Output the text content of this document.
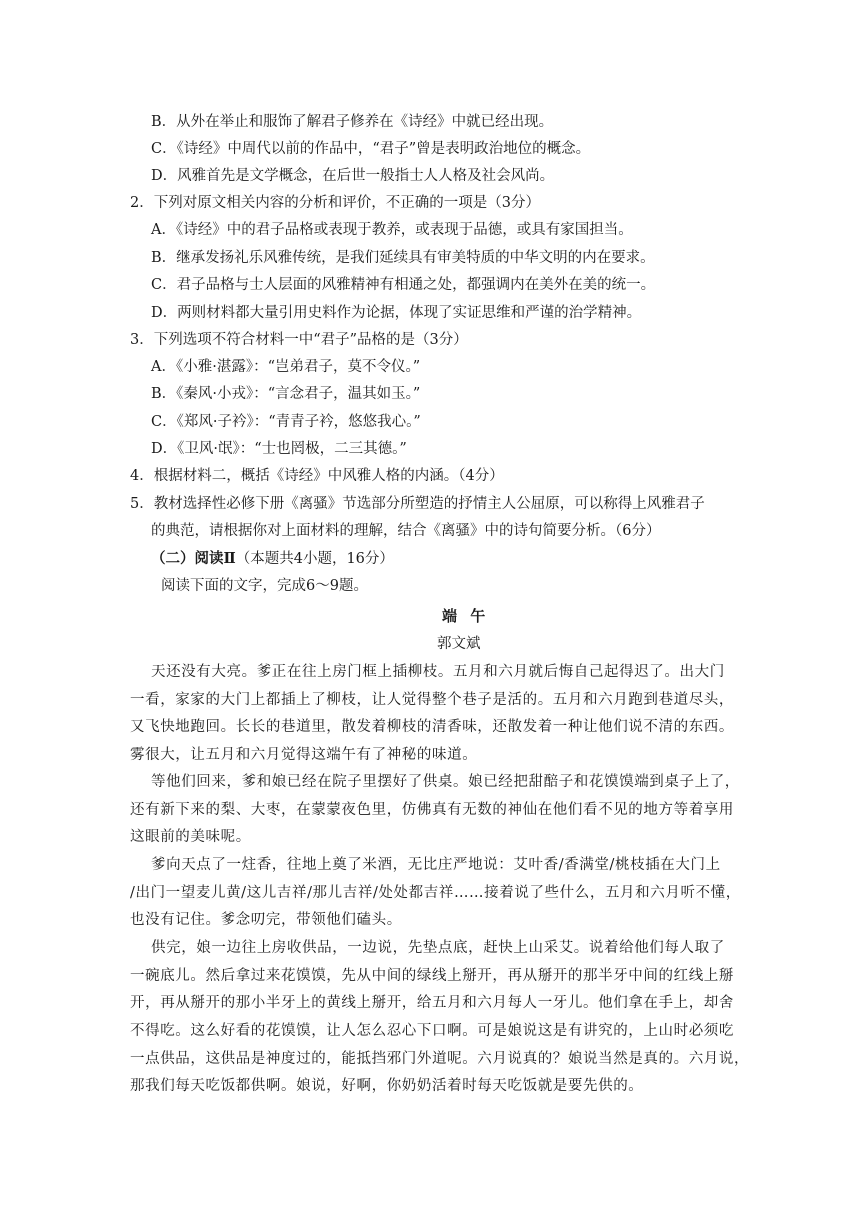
B．从外在举止和服饰了解君子修养在《诗经》中就已经出现。
C．《诗经》中周代以前的作品中，“君子”曾是表明政治地位的概念。
D．风雅首先是文学概念，在后世一般指士人人格及社会风尚。
2．下列对原文相关内容的分析和评价，不正确的一项是（3分）
A．《诗经》中的君子品格或表现于教养，或表现于品德，或具有家国担当。
B．继承发扬礼乐风雅传统，是我们延续具有审美特质的中华文明的内在要求。
C．君子品格与士人层面的风雅精神有相通之处，都强调内在美外在美的统一。
D．两则材料都大量引用史料作为论据，体现了实证思维和严谨的治学精神。
3．下列选项不符合材料一中“君子”品格的是（3分）
A．《小雅·湛露》：“岂弟君子，莫不令仪。”
B．《秦风·小戎》：“言念君子，温其如玉。”
C．《郑风·子衿》：“青青子衿，悠悠我心。”
D．《卫风·氓》：“士也罔极，二三其德。”
4．根据材料二，概括《诗经》中风雅人格的内涵。（4分）
5．教材选择性必修下册《离骚》节选部分所塑造的抒情主人公屈原，可以称得上风雅君子
的典范，请根据你对上面材料的理解，结合《离骚》中的诗句简要分析。（6分）
（二）阅读Ⅱ（本题共4小题，16分）
阅读下面的文字，完成6～9题。
端 午
郭文斌
天还没有大亮。爹正在往上房门框上插柳枝。五月和六月就后悔自己起得迟了。出大门
一看，家家的大门上都插上了柳枝，让人觉得整个巷子是活的。五月和六月跑到巷道尽头，
又飞快地跑回。长长的巷道里，散发着柳枝的清香味，还散发着一种让他们说不清的东西。
雾很大，让五月和六月觉得这端午有了神秘的味道。
等他们回来，爹和娘已经在院子里摆好了供桌。娘已经把甜醅子和花馍馍端到桌子上了，
还有新下来的梨、大枣，在蒙蒙夜色里，仿佛真有无数的神仙在他们看不见的地方等着享用
这眼前的美味呢。
爹向天点了一炷香，往地上奠了米酒，无比庄严地说：艾叶香/香满堂/桃枝插在大门上
/出门一望麦儿黄/这儿吉祥/那儿吉祥/处处都吉祥……接着说了些什么，五月和六月听不懂，
也没有记住。爹念叨完，带领他们磕头。
供完，娘一边往上房收供品，一边说，先垫点底，赶快上山采艾。说着给他们每人取了
一碗底儿。然后拿过来花馍馍，先从中间的绿线上掰开，再从掰开的那半牙中间的红线上掰
开，再从掰开的那小半牙上的黄线上掰开，给五月和六月每人一牙儿。他们拿在手上，却舍
不得吃。这么好看的花馍馍，让人怎么忍心下口啊。可是娘说这是有讲究的，上山时必须吃
一点供品，这供品是神度过的，能抵挡邪门外道呢。六月说真的？娘说当然是真的。六月说，
那我们每天吃饭都供啊。娘说，好啊，你奶奶活着时每天吃饭就是要先供的。
